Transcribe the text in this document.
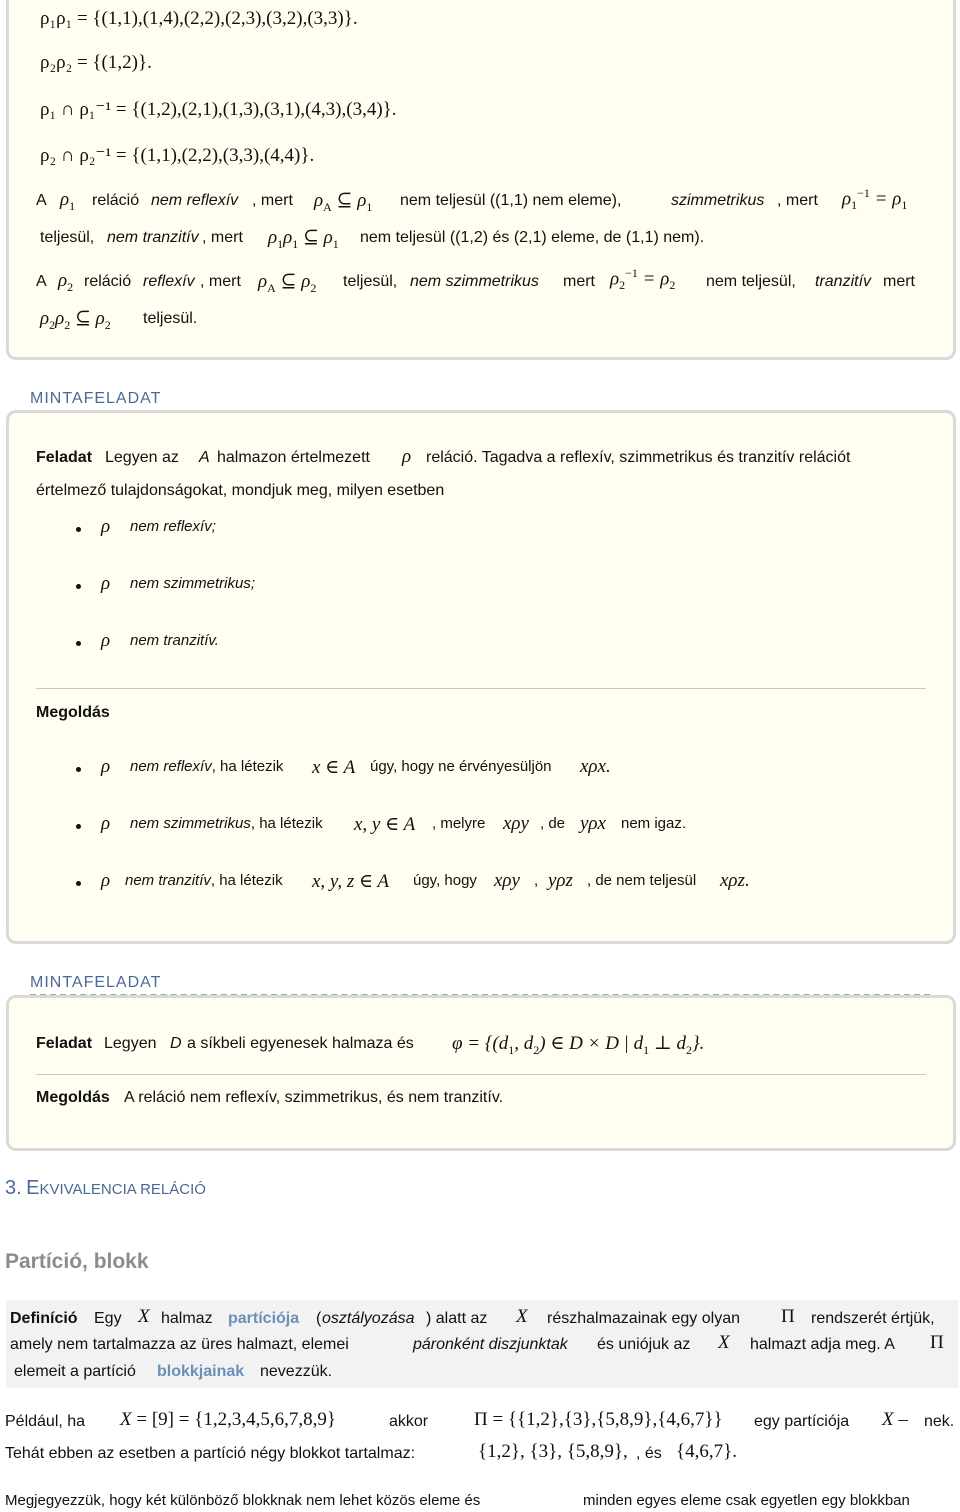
ρ₁ρ₁ = {(1,1),(1,4),(2,2),(2,3),(3,2),(3,3)}.
ρ₂ρ₂ = {(1,2)}.
ρ₁ ∩ ρ₁⁻¹ = {(1,2),(2,1),(1,3),(3,1),(4,3),(3,4)}.
ρ₂ ∩ ρ₂⁻¹ = {(1,1),(2,2),(3,3),(4,4)}.
A $\rho_1$ reláció nem reflexív , mert $\rho_A$ ⊆ $\rho_1$ nem teljesül ((1,1) nem eleme),	szimmetrikus , mert $\rho_1^{-1} = \rho_1$
teljesül, nem tranzitív , mert $\rho_1\rho_1$ ⊆ $\rho_1$ nem teljesül ((1,2) és (2,1) eleme, de (1,1) nem).
A $\rho_2$ reláció reflexív , mert $\rho_A$ ⊆ $\rho_2$ teljesül, nem szimmetrikus mert $\rho_2^{-1} = \rho_2$ nem teljesül, tranzitív mert
$\rho_2\rho_2$ ⊆ $\rho_2$ teljesül.
MINTAFELADAT
Feladat Legyen az A halmazon értelmezett ρ reláció. Tagadva a reflexív, szimmetrikus és tranzitív relációt
értelmező tulajdonságokat, mondjuk meg, milyen esetben
ρ nem reflexív;
ρ nem szimmetrikus;
ρ nem tranzitív.
Megoldás
ρ nem reflexív, ha létezik x ∈ A úgy, hogy ne érvényesüljön xρx.
ρ nem szimmetrikus, ha létezik x, y ∈ A , melyre xρy , de yρx nem igaz.
ρ nem tranzitív, ha létezik x, y, z ∈ A úgy, hogy xρy , yρz , de nem teljesül xρz.
MINTAFELADAT
Feladat Legyen D a síkbeli egyenesek halmaza és $\varphi = \{(d_1$, $d_2$) ∈ D × D | $d_1$ ⊥ $d_2$}.
Megoldás A reláció nem reflexív, szimmetrikus, és nem tranzitív.
3. EKVIVALENCIA RELÁCIÓ
Partíció, blokk
Definíció Egy X halmaz partíciója ( osztályozása ) alatt az X részhalmazainak egy olyan Π rendszerét értjük,
amely nem tartalmazza az üres halmazt, elemei	páronként diszjunktak és uniójuk az X halmazt adja meg. A Π
elemeit a partíció blokkjainak nevezzük.
Például, ha X = [9] = {1,2,3,4,5,6,7,8,9}	akkor Π = {{1,2},{3},{5,8,9},{4,6,7}} egy partíciója X – nek.
Tehát ebben az esetben a partíció négy blokkot tartalmaz:	{1,2}, {3}, {5,8,9}, , és {4,6,7}.
Megjegyezzük, hogy két különböző blokknak nem lehet közös eleme és	minden egyes eleme csak egyetlen egy blokkban
